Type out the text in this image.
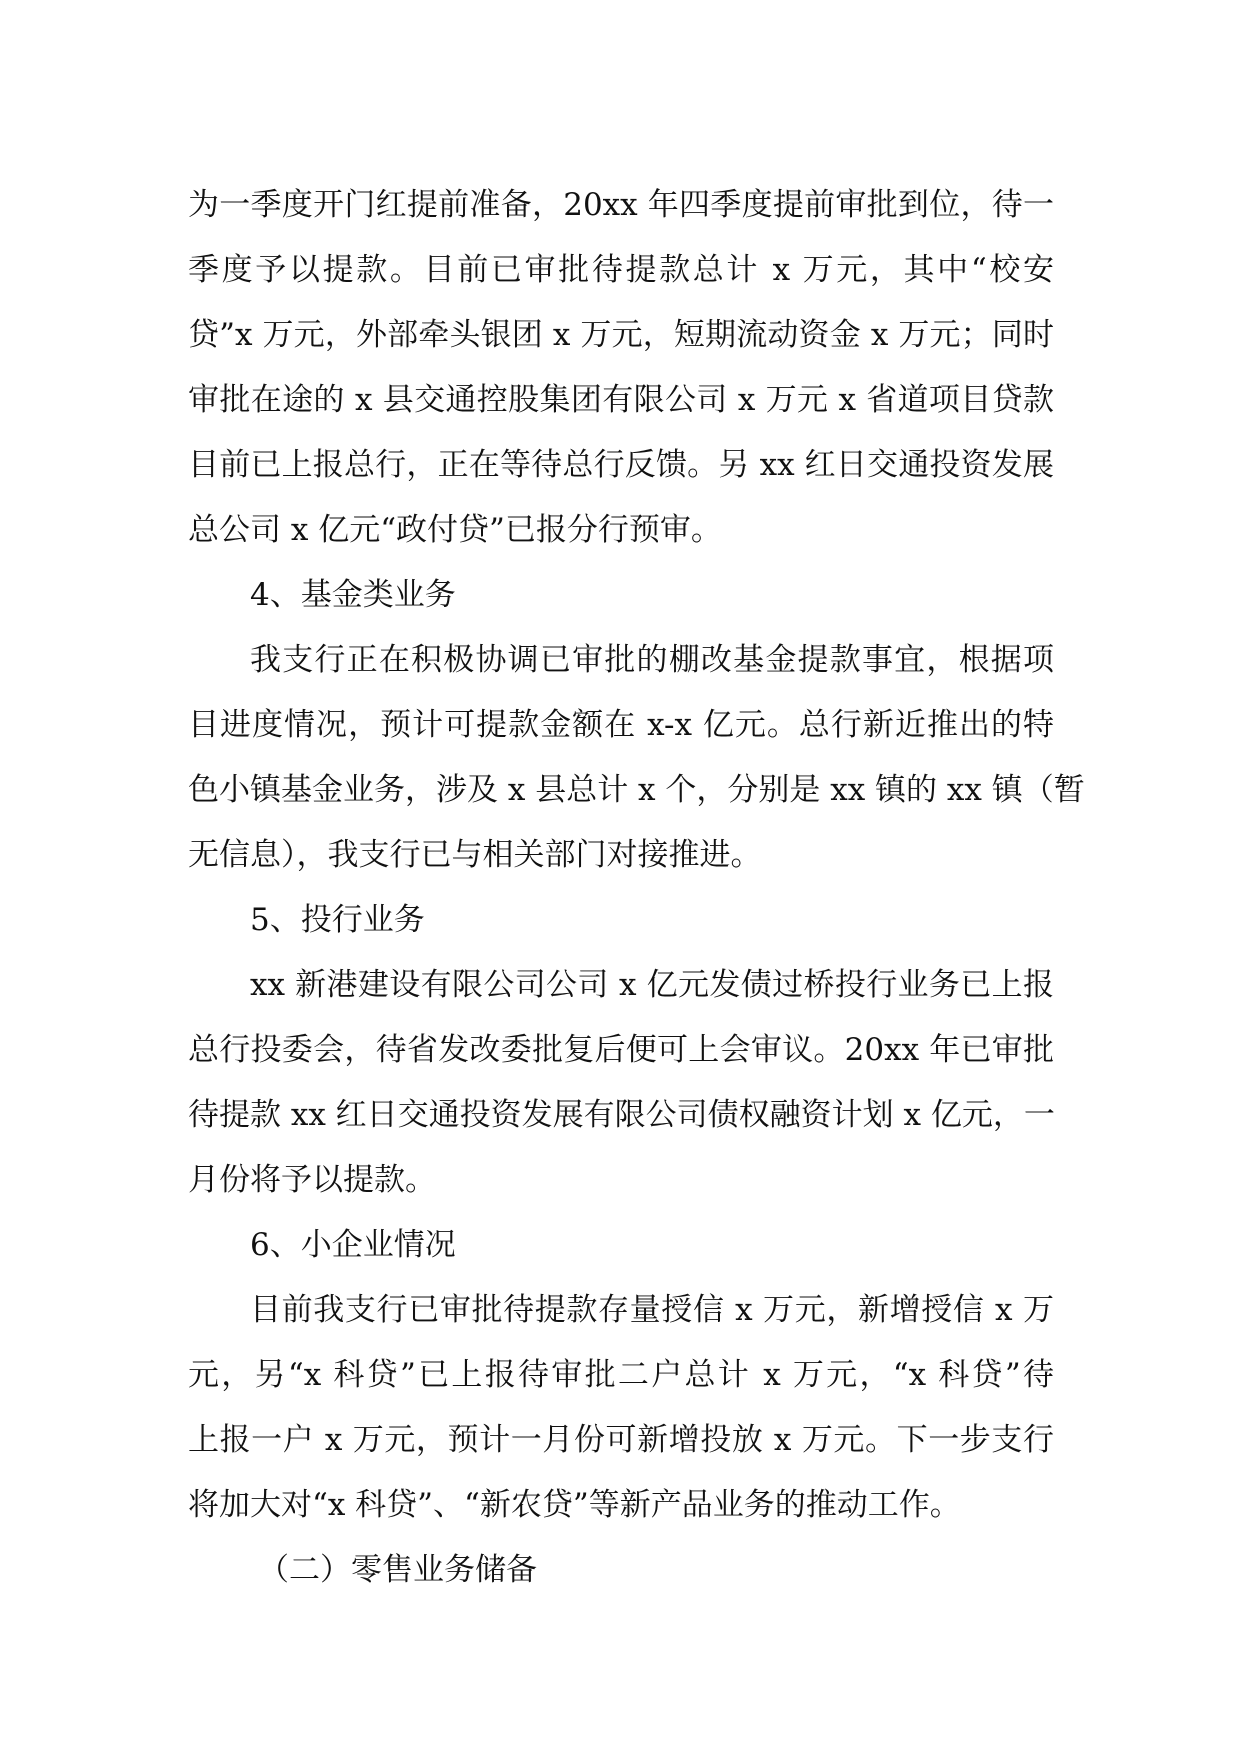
为一季度开门红提前准备，20xx 年四季度提前审批到位，待一
季度予以提款。目前已审批待提款总计 x 万元，其中“校安
贷”x 万元，外部牵头银团 x 万元，短期流动资金 x 万元；同时
审批在途的 x 县交通控股集团有限公司 x 万元 x 省道项目贷款
目前已上报总行，正在等待总行反馈。另 xx 红日交通投资发展
总公司 x 亿元“政付贷”已报分行预审。
4、基金类业务
我支行正在积极协调已审批的棚改基金提款事宜，根据项
目进度情况，预计可提款金额在 x-x 亿元。总行新近推出的特
色小镇基金业务，涉及 x 县总计 x 个，分别是 xx 镇的 xx 镇（暂
无信息），我支行已与相关部门对接推进。
5、投行业务
xx 新港建设有限公司公司 x 亿元发债过桥投行业务已上报
总行投委会，待省发改委批复后便可上会审议。20xx 年已审批
待提款 xx 红日交通投资发展有限公司债权融资计划 x 亿元，一
月份将予以提款。
6、小企业情况
目前我支行已审批待提款存量授信 x 万元，新增授信 x 万
元，另“x 科贷”已上报待审批二户总计 x 万元，“x 科贷”待
上报一户 x 万元，预计一月份可新增投放 x 万元。下一步支行
将加大对“x 科贷”、“新农贷”等新产品业务的推动工作。
（二）零售业务储备
